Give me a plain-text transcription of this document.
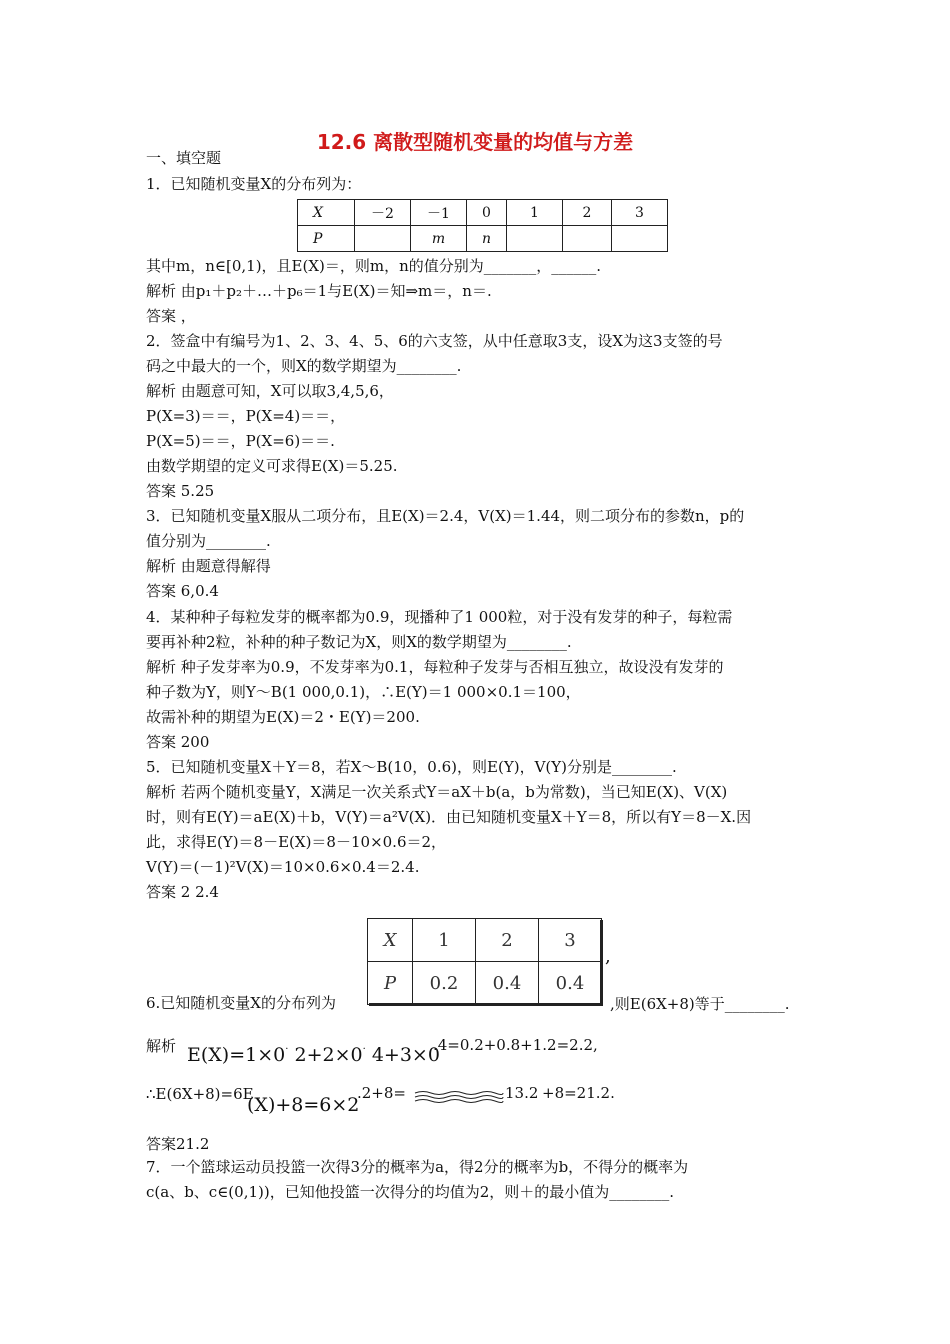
12.6 离散型随机变量的均值与方差
一、填空题
1．已知随机变量X的分布列为：
X	－2	－1	0	1	2	3
P		m	n			
其中m，n∈[0,1)，且E(X)＝，则m，n的值分别为_______，______.
解析 由p₁＋p₂＋…＋p₆＝1与E(X)＝知⇒m＝，n＝.
答案 ，
2．签盒中有编号为1、2、3、4、5、6的六支签，从中任意取3支，设X为这3支签的号
码之中最大的一个，则X的数学期望为________.
解析 由题意可知，X可以取3,4,5,6，
P(X=3)＝＝，P(X=4)＝＝，
P(X=5)＝＝，P(X=6)＝＝.
由数学期望的定义可求得E(X)＝5.25.
答案 5.25
3．已知随机变量X服从二项分布，且E(X)＝2.4，V(X)＝1.44，则二项分布的参数n，p的
值分别为________.
解析 由题意得解得
答案 6,0.4
4．某种种子每粒发芽的概率都为0.9，现播种了1 000粒，对于没有发芽的种子，每粒需
要再补种2粒，补种的种子数记为X，则X的数学期望为________.
解析 种子发芽率为0.9，不发芽率为0.1，每粒种子发芽与否相互独立，故设没有发芽的
种子数为Y，则Y～B(1 000,0.1)，∴E(Y)＝1 000×0.1＝100，
故需补种的期望为E(X)＝2・E(Y)＝200.
答案 200
5．已知随机变量X＋Y＝8，若X～B(10，0.6)，则E(Y)，V(Y)分别是________.
解析 若两个随机变量Y，X满足一次关系式Y＝aX＋b(a，b为常数)，当已知E(X)、V(X)
时，则有E(Y)＝aE(X)＋b，V(Y)＝a²V(X)．由已知随机变量X＋Y＝8，所以有Y＝8－X.因
此，求得E(Y)＝8－E(X)＝8－10×0.6＝2，
V(Y)＝(－1)²V(X)＝10×0.6×0.4＝2.4.
答案 2 2.4
X	1	2	3
P	0.2	0.4	0.4
,
6.已知随机变量X的分布列为	,则E(6X+8)等于________.
解析 E(X)=1×0· 2+2×0· 4+3×0
.4=0.2+0.8+1.2=2.2,
∴E(6X+8)=6E
(X)+8=6×2
.2+8=	13.2 +8=21.2.
答案21.2
7．一个篮球运动员投篮一次得3分的概率为a，得2分的概率为b，不得分的概率为
c(a、b、c∈(0,1))，已知他投篮一次得分的均值为2，则＋的最小值为________.
